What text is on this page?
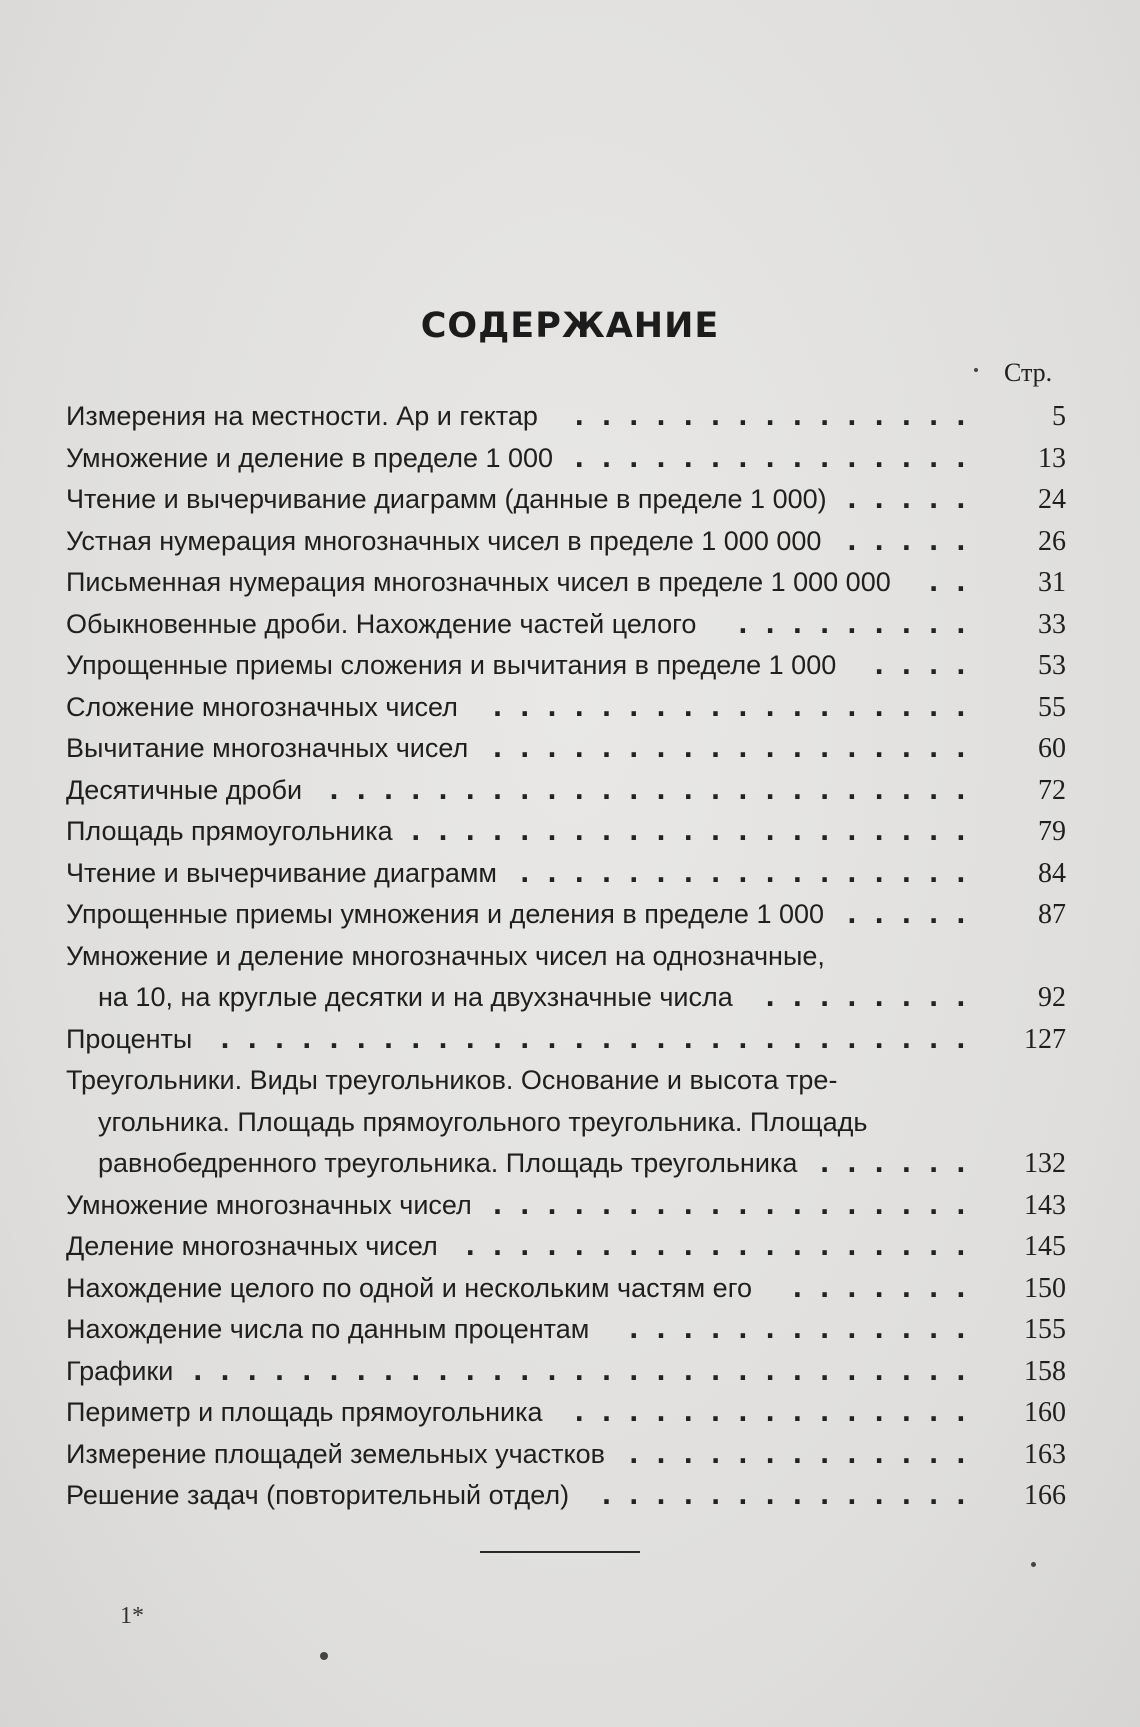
СОДЕРЖАНИЕ
Стр.
Измерения на местности. Ар и гектар ...............	5
Умножение и деление в пределе 1 000 ...............	13
Чтение и вычерчивание диаграмм (данные в пределе 1 000) .....	24
Устная нумерация многозначных чисел в пределе 1 000 000 .....	26
Письменная нумерация многозначных чисел в пределе 1 000 000 ..	31
Обыкновенные дроби. Нахождение частей целого .........	33
Упрощенные приемы сложения и вычитания в пределе 1 000 ....	53
Сложение многозначных чисел ..................	55
Вычитание многозначных чисел ..................	60
Десятичные дроби ........................	72
Площадь прямоугольника .....................	79
Чтение и вычерчивание диаграмм .................	84
Упрощенные приемы умножения и деления в пределе 1 000 .....	87
Умножение и деление многозначных чисел на однозначные,
на 10, на круглые десятки и на двухзначные числа ........	92
Проценты ............................	127
Треугольники. Виды треугольников. Основание и высота тре-
угольника. Площадь прямоугольного треугольника. Площадь
равнобедренного треугольника. Площадь треугольника ......	132
Умножение многозначных чисел ..................	143
Деление многозначных чисел ...................	145
Нахождение целого по одной и нескольким частям его .......	150
Нахождение числа по данным процентам .............	155
Графики .............................	158
Периметр и площадь прямоугольника ...............	160
Измерение площадей земельных участков .............	163
Решение задач (повторительный отдел) ..............	166
1*
